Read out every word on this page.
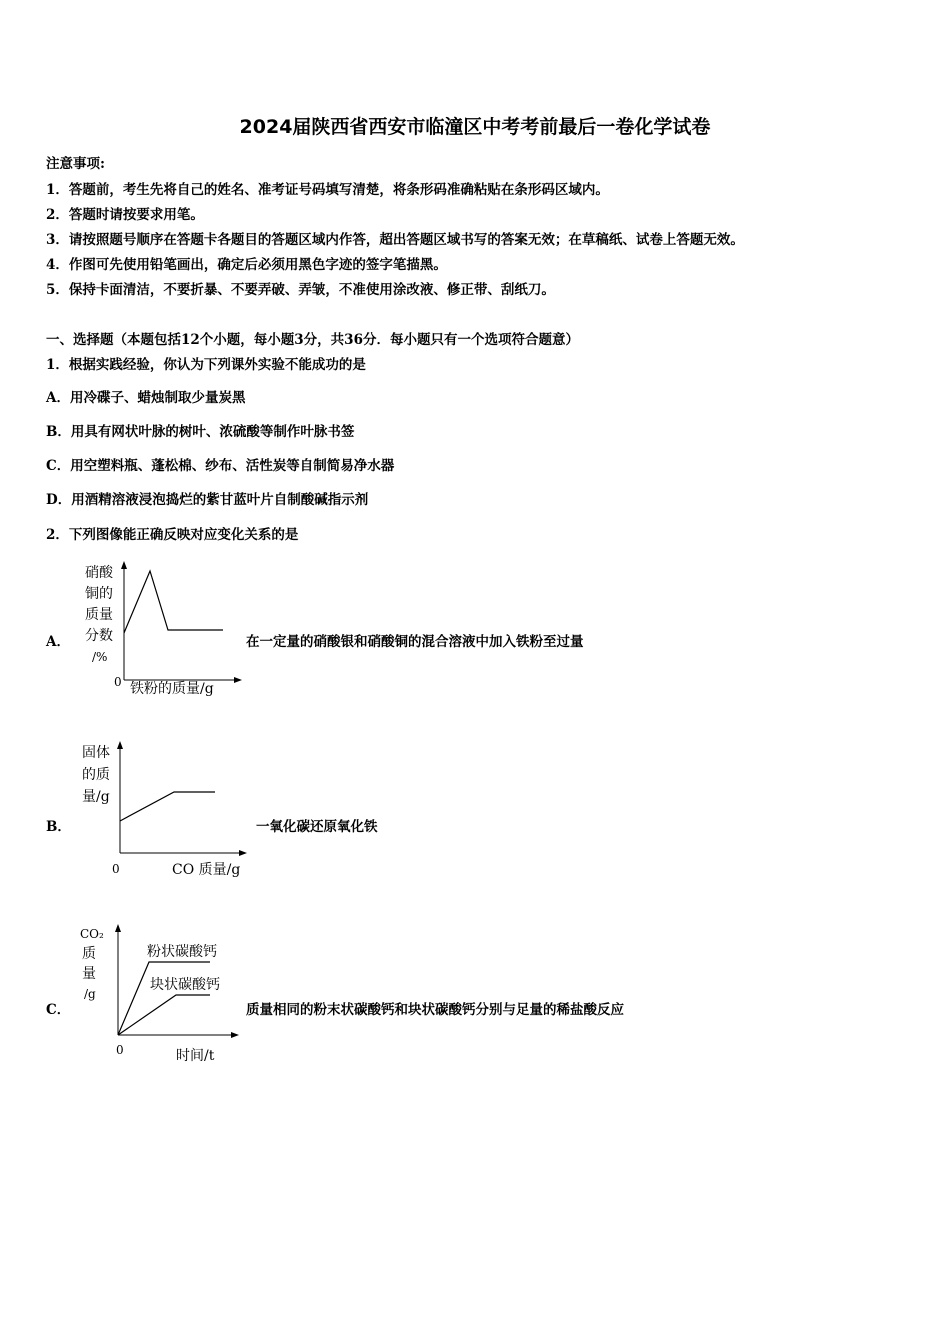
2024届陕西省西安市临潼区中考考前最后一卷化学试卷
注意事项:
1．答题前，考生先将自己的姓名、准考证号码填写清楚，将条形码准确粘贴在条形码区域内。
2．答题时请按要求用笔。
3．请按照题号顺序在答题卡各题目的答题区域内作答，超出答题区域书写的答案无效；在草稿纸、试卷上答题无效。
4．作图可先使用铅笔画出，确定后必须用黑色字迹的签字笔描黑。
5．保持卡面清洁，不要折暴、不要弄破、弄皱，不准使用涂改液、修正带、刮纸刀。
一、选择题（本题包括12个小题，每小题3分，共36分．每小题只有一个选项符合题意）
1．根据实践经验，你认为下列课外实验不能成功的是
A．用冷碟子、蜡烛制取少量炭黑
B．用具有网状叶脉的树叶、浓硫酸等制作叶脉书签
C．用空塑料瓶、蓬松棉、纱布、活性炭等自制简易净水器
D．用酒精溶液浸泡捣烂的紫甘蓝叶片自制酸碱指示剂
2．下列图像能正确反映对应变化关系的是
A．
硝酸
铜的
质量
分数
/%
0 铁粉的质量/g
在一定量的硝酸银和硝酸铜的混合溶液中加入铁粉至过量
B．
固体
的质
量/g
0	CO 质量/g
一氧化碳还原氧化铁
C．
CO₂
质
量
/g
粉状碳酸钙
块状碳酸钙
0	时间/t
质量相同的粉末状碳酸钙和块状碳酸钙分别与足量的稀盐酸反应
